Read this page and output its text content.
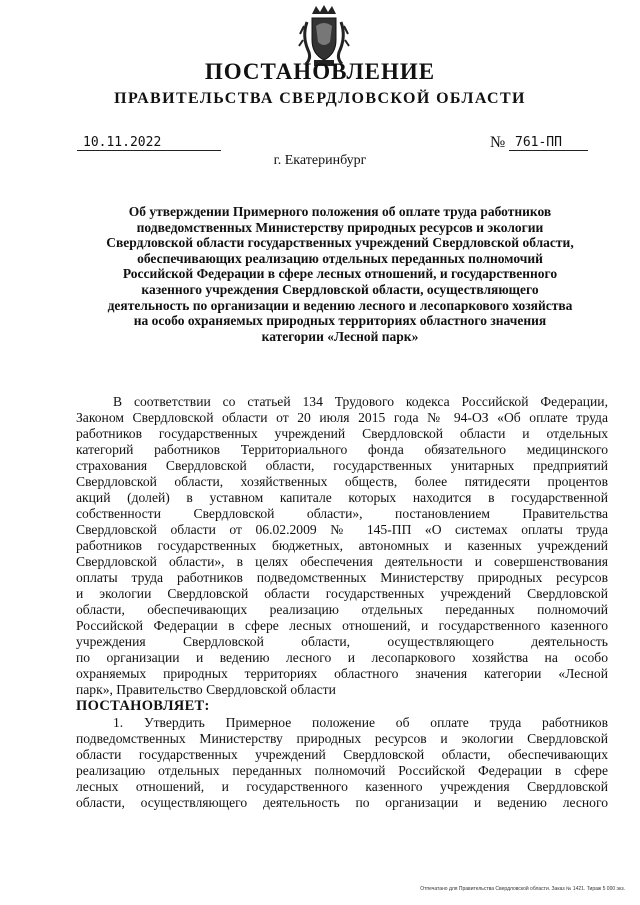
ПОСТАНОВЛЕНИЕ
ПРАВИТЕЛЬСТВА СВЕРДЛОВСКОЙ ОБЛАСТИ
10.11.2022	№ 761-ПП
г. Екатеринбург
Об утверждении Примерного положения об оплате труда работников
подведомственных Министерству природных ресурсов и экологии
Свердловской области государственных учреждений Свердловской области,
обеспечивающих реализацию отдельных переданных полномочий
Российской Федерации в сфере лесных отношений, и государственного
казенного учреждения Свердловской области, осуществляющего
деятельность по организации и ведению лесного и лесопаркового хозяйства
на особо охраняемых природных территориях областного значения
категории «Лесной парк»
В соответствии со статьей 134 Трудового кодекса Российской Федерации,
Законом Свердловской области от 20 июля 2015 года № 94-ОЗ «Об оплате труда
работников государственных учреждений Свердловской области и отдельных
категорий работников Территориального фонда обязательного медицинского
страхования Свердловской области, государственных унитарных предприятий
Свердловской области, хозяйственных обществ, более пятидесяти процентов
акций (долей) в уставном капитале которых находится в государственной
собственности Свердловской области», постановлением Правительства
Свердловской области от 06.02.2009 № 145-ПП «О системах оплаты труда
работников государственных бюджетных, автономных и казенных учреждений
Свердловской области», в целях обеспечения деятельности и совершенствования
оплаты труда работников подведомственных Министерству природных ресурсов
и экологии Свердловской области государственных учреждений Свердловской
области, обеспечивающих реализацию отдельных переданных полномочий
Российской Федерации в сфере лесных отношений, и государственного казенного
учреждения Свердловской области, осуществляющего деятельность
по организации и ведению лесного и лесопаркового хозяйства на особо
охраняемых природных территориях областного значения категории «Лесной
парк», Правительство Свердловской области
ПОСТАНОВЛЯЕТ:
1. Утвердить Примерное положение об оплате труда работников
подведомственных Министерству природных ресурсов и экологии Свердловской
области государственных учреждений Свердловской области, обеспечивающих
реализацию отдельных переданных полномочий Российской Федерации в сфере
лесных отношений, и государственного казенного учреждения Свердловской
области, осуществляющего деятельность по организации и ведению лесного
Отпечатано для Правительства Свердловской области. Заказ № 1421. Тираж 5 000 экз.
